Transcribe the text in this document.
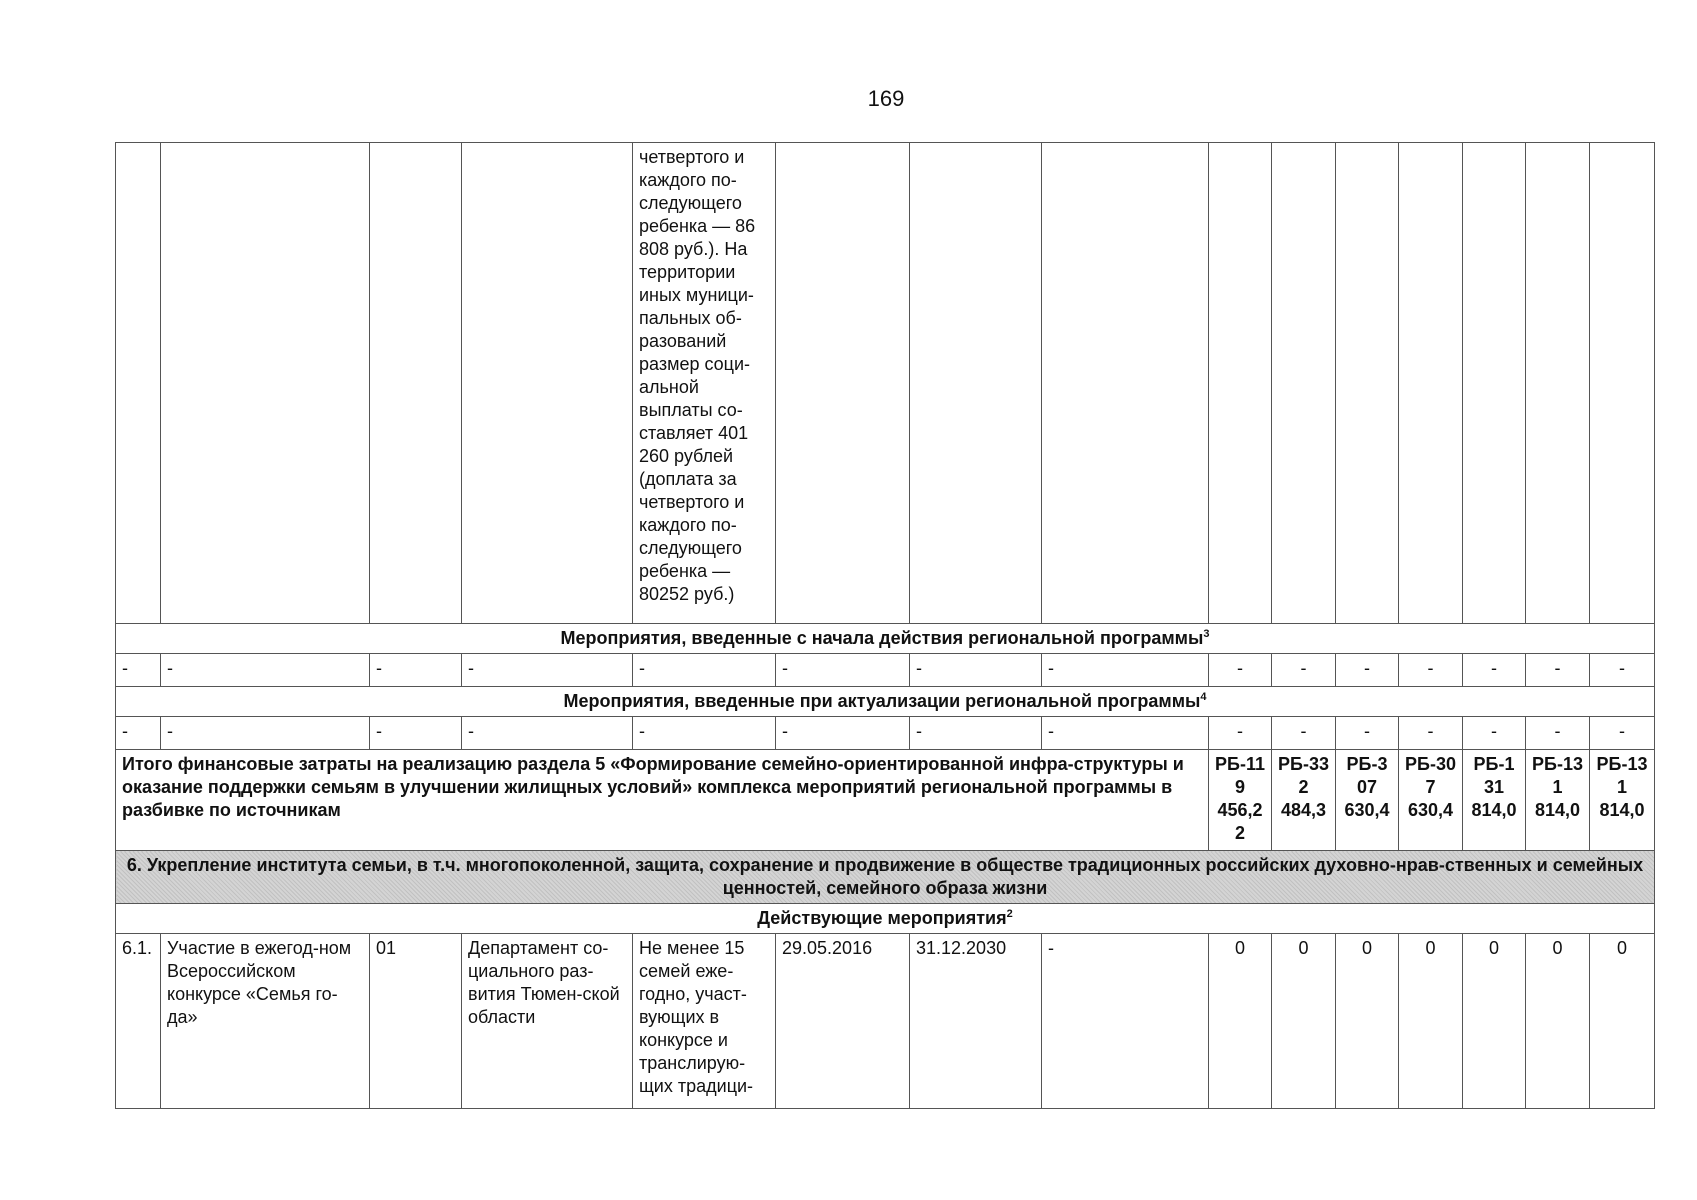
169
				четвертого и каждого по-следующего ребенка — 86 808 руб.). На территории иных муници-пальных об-разований размер соци-альной выплаты со-ставляет 401 260 рублей (доплата за четвертого и каждого по-следующего ребенка — 80252 руб.)										
Мероприятия, введенные с начала действия региональной программы$^3$
-	-	-	-	-	-	-	-	-	-	-	-	-	-	-
Мероприятия, введенные при актуализации региональной программы$^4$
-	-	-	-	-	-	-	-	-	-	-	-	-	-	-
Итого финансовые затраты на реализацию раздела 5 «Формирование семейно-ориентированной инфра-структуры и оказание поддержки семьям в улучшении жилищных условий» комплекса мероприятий региональной программы в разбивке по источникам								РБ-119 456,2 2	РБ-332 484,3	РБ-307 630,4	РБ-307 630,4	РБ-131 814,0	РБ-131 814,0	РБ-131 814,0
6. Укрепление института семьи, в т.ч. многопоколенной, защита, сохранение и продвижение в обществе традиционных российских духовно-нрав-ственных и семейных ценностей, семейного образа жизни														
Действующие мероприятия$^2$
6.1.	Участие в ежегод-ном Всероссийском конкурсе «Семья го-да»	01	Департамент со-циального раз-вития Тюмен-ской области	Не менее 15 семей еже-годно, участ-вующих в конкурсе и транслирую-щих традици-	29.05.2016	31.12.2030	-	0	0	0	0	0	0	0
